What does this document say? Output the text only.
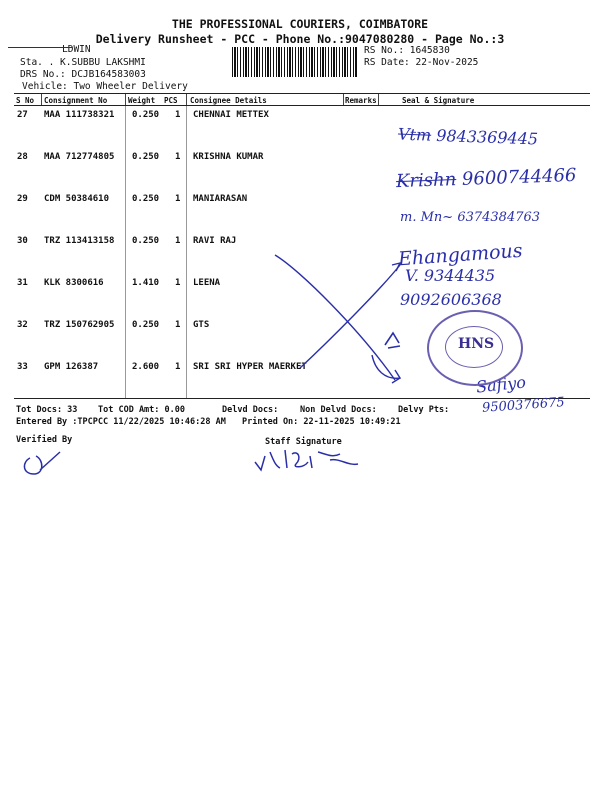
THE PROFESSIONAL COURIERS, COIMBATORE
Delivery Runsheet - PCC - Phone No.:9047080280 - Page No.:3
LDWIN
Sta. . K.SUBBU LAKSHMI
DRS No.: DCJB164583003
Vehicle: Two Wheeler Delivery
RS No.: 1645830
RS Date: 22-Nov-2025
S No Consignment No	Weight PCS Consignee Details	Remarks	Seal & Signature
27 MAA 111738321 0.250 1 CHENNAI METTEX
28 MAA 712774805 0.250 1 KRISHNA KUMAR
29 CDM 50384610	0.250 1 MANIARASAN
30 TRZ 113413158 0.250 1 RAVI RAJ
31 KLK 8300616	1.410 1 LEENA
32 TRZ 150762905 0.250 1 GTS
33 GPM 126387	2.600 1 SRI SRI HYPER MAERKET
Tot Docs: 33 Tot COD Amt: 0.00	Delvd Docs:	Non Delvd Docs: Delvy Pts:
Entered By :TPCPCC 11/22/2025 10:46:28 AM Printed On: 22-11-2025 10:49:21
Verified By	Staff Signature
Vtm 9843369445
Krishn 9600744466
m. Mn~ 6374384763
Ehangamous
V. 9344435
9092606368
Safiyo
9500376675
HNS
